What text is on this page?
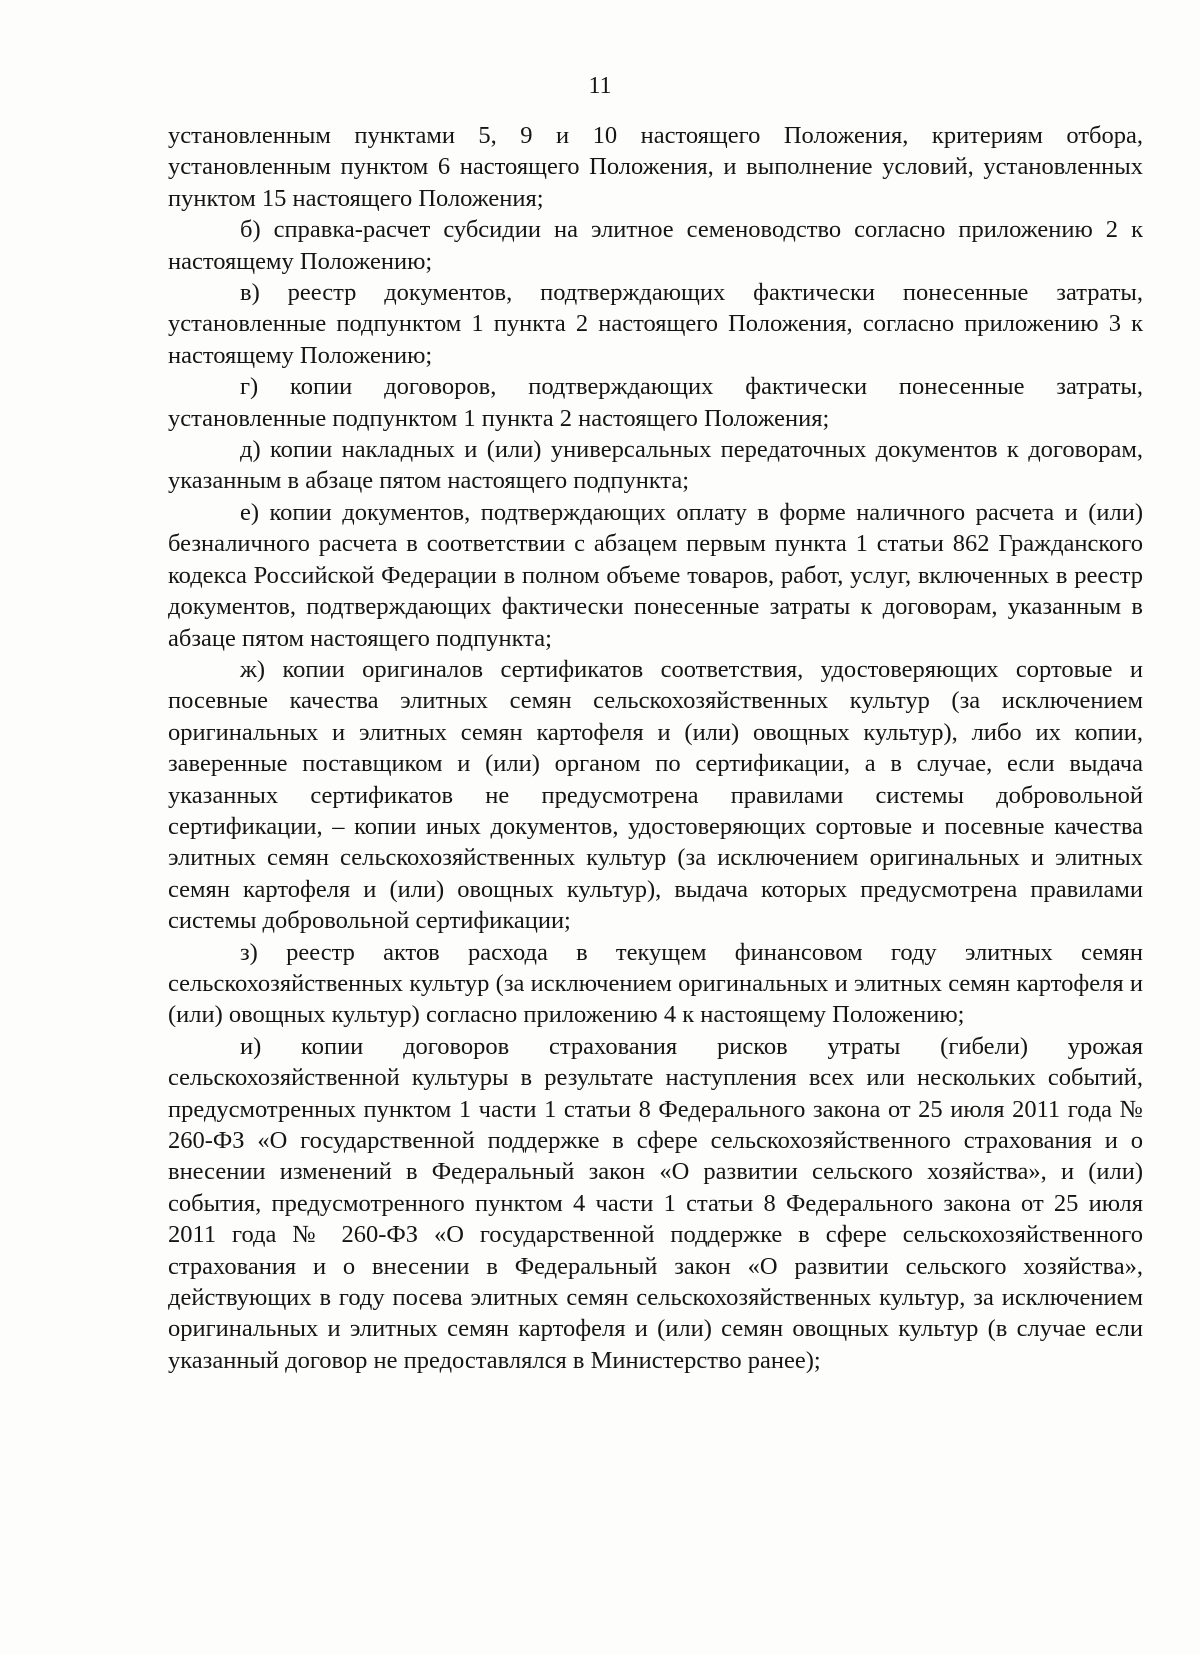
11

установленным пунктами 5, 9 и 10 настоящего Положения, критериям отбора, установленным пунктом 6 настоящего Положения, и выполнение условий, установленных пунктом 15 настоящего Положения;

б) справка-расчет субсидии на элитное семеноводство согласно приложению 2 к настоящему Положению;

в) реестр документов, подтверждающих фактически понесенные затраты, установленные подпунктом 1 пункта 2 настоящего Положения, согласно приложению 3 к настоящему Положению;

г) копии договоров, подтверждающих фактически понесенные затраты, установленные подпунктом 1 пункта 2 настоящего Положения;

д) копии накладных и (или) универсальных передаточных документов к договорам, указанным в абзаце пятом настоящего подпункта;

е) копии документов, подтверждающих оплату в форме наличного расчета и (или) безналичного расчета в соответствии с абзацем первым пункта 1 статьи 862 Гражданского кодекса Российской Федерации в полном объеме товаров, работ, услуг, включенных в реестр документов, подтверждающих фактически понесенные затраты к договорам, указанным в абзаце пятом настоящего подпункта;

ж) копии оригиналов сертификатов соответствия, удостоверяющих сортовые и посевные качества элитных семян сельскохозяйственных культур (за исключением оригинальных и элитных семян картофеля и (или) овощных культур), либо их копии, заверенные поставщиком и (или) органом по сертификации, а в случае, если выдача указанных сертификатов не предусмотрена правилами системы добровольной сертификации, – копии иных документов, удостоверяющих сортовые и посевные качества элитных семян сельскохозяйственных культур (за исключением оригинальных и элитных семян картофеля и (или) овощных культур), выдача которых предусмотрена правилами системы добровольной сертификации;

з) реестр актов расхода в текущем финансовом году элитных семян сельскохозяйственных культур (за исключением оригинальных и элитных семян картофеля и (или) овощных культур) согласно приложению 4 к настоящему Положению;

и) копии договоров страхования рисков утраты (гибели) урожая сельскохозяйственной культуры в результате наступления всех или нескольких событий, предусмотренных пунктом 1 части 1 статьи 8 Федерального закона от 25 июля 2011 года № 260-ФЗ «О государственной поддержке в сфере сельскохозяйственного страхования и о внесении изменений в Федеральный закон «О развитии сельского хозяйства», и (или) события, предусмотренного пунктом 4 части 1 статьи 8 Федерального закона от 25 июля 2011 года № 260-ФЗ «О государственной поддержке в сфере сельскохозяйственного страхования и о внесении в Федеральный закон «О развитии сельского хозяйства», действующих в году посева элитных семян сельскохозяйственных культур, за исключением оригинальных и элитных семян картофеля и (или) семян овощных культур (в случае если указанный договор не предоставлялся в Министерство ранее);
